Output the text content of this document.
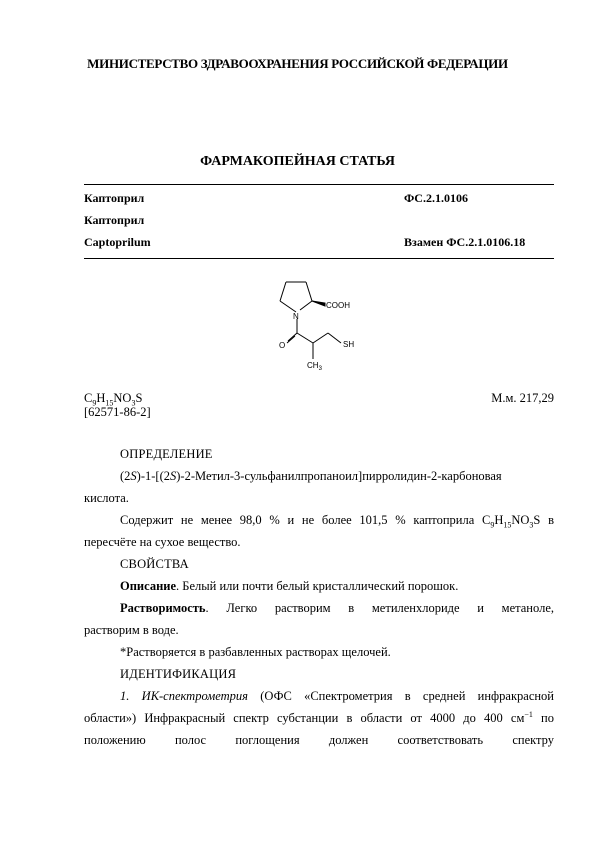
МИНИСТЕРСТВО ЗДРАВООХРАНЕНИЯ РОССИЙСКОЙ ФЕДЕРАЦИИ
ФАРМАКОПЕЙНАЯ СТАТЬЯ
Каптоприл	ФС.2.1.0106
Каптоприл
Captoprilum	Взамен ФС.2.1.0106.18
N
COOH
O	SH
$CH_3$
$C_9H_{15}NO_3S$
[62571-86-2]
М.м. 217,29

ОПРЕДЕЛЕНИЕ

(2S)-1-[(2S)-2-Метил-3-сульфанилпропаноил]пирролидин-2-карбоновая

кислота.

Содержит не менее 98,0 % и не более 101,5 % каптоприла $C_9H_{15}NO_3S$ в

пересчёте на сухое вещество.

СВОЙСТВА

Описание. Белый или почти белый кристаллический порошок.

Растворимость. Легко растворим в метиленхлориде и метаноле,

растворим в воде.

*Растворяется в разбавленных растворах щелочей.

ИДЕНТИФИКАЦИЯ

1. ИК-спектрометрия (ОФС «Спектрометрия в средней инфракрасной

области») Инфракрасный спектр субстанции в области от 4000 до 400 $см^{-1}$ по

положению полос поглощения должен соответствовать спектру
